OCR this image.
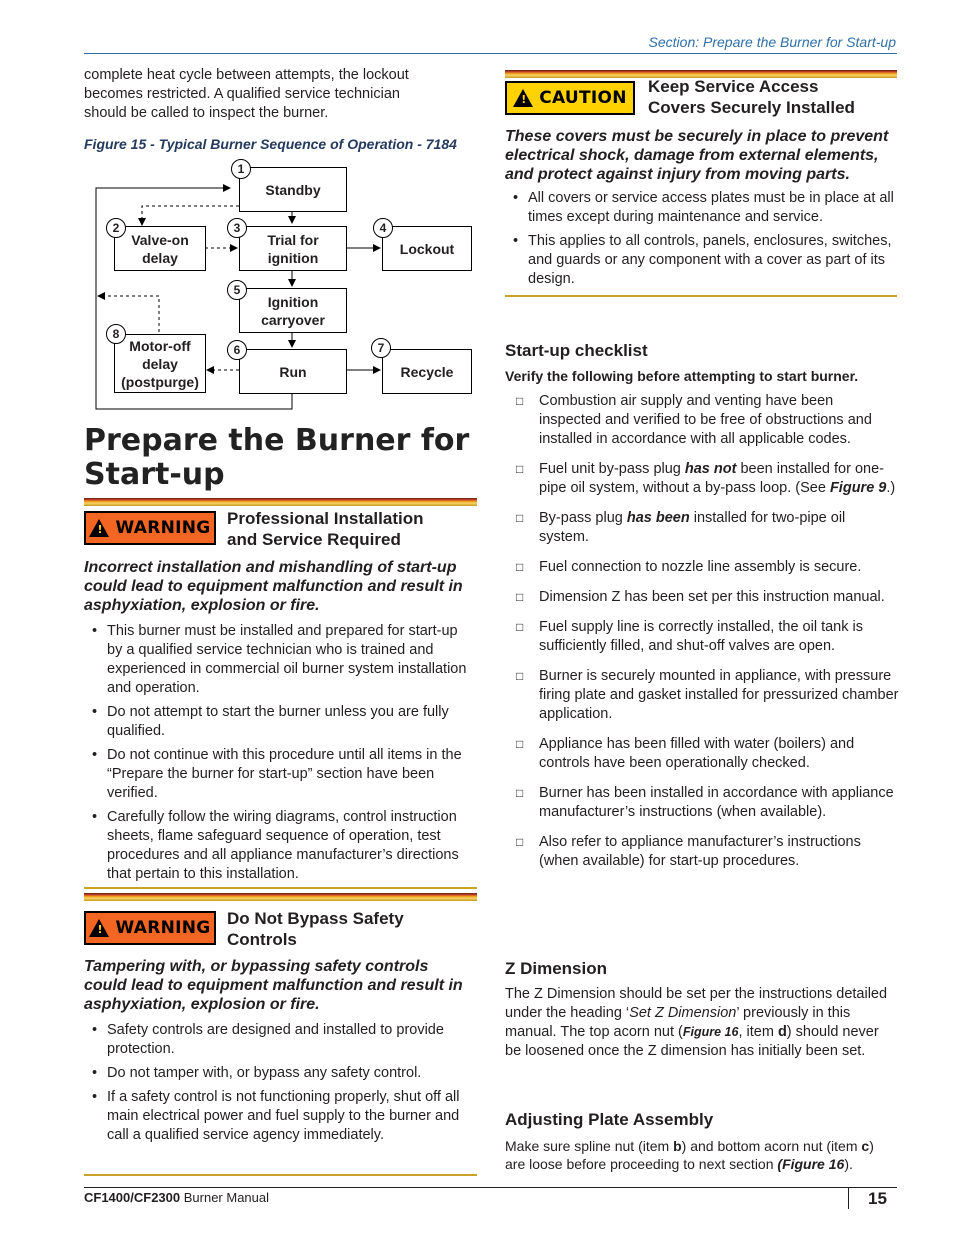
Section: Prepare the Burner for Start-up
complete heat cycle between attempts, the lockout becomes restricted. A qualified service technician should be called to inspect the burner.
Figure 15 - Typical Burner Sequence of Operation - 7184
Standby
Valve-on
delay
Trial for
ignition
Lockout
Ignition
carryover
Motor-off
delay
(postpurge)
Run	Recycle
1
2	3	4
5
6	7
8
Prepare the Burner for
Start-up
! WARNING Professional Installation
and Service Required
Incorrect installation and mishandling of start-up could lead to equipment malfunction and result in asphyxiation, explosion or fire.
• This burner must be installed and prepared for start-up by a qualified service technician who is trained and experienced in commercial oil burner system installation and operation.
• Do not attempt to start the burner unless you are fully qualified.
• Do not continue with this procedure until all items in the “Prepare the burner for start-up” section have been verified.
• Carefully follow the wiring diagrams, control instruction sheets, flame safeguard sequence of operation, test procedures and all appliance manufacturer’s directions that pertain to this installation.
! WARNING Do Not Bypass Safety
Controls
Tampering with, or bypassing safety controls could lead to equipment malfunction and result in asphyxiation, explosion or fire.
• Safety controls are designed and installed to provide protection.
• Do not tamper with, or bypass any safety control.
• If a safety control is not functioning properly, shut off all main electrical power and fuel supply to the burner and call a qualified service agency immediately.
! CAUTION
Keep Service Access
Covers Securely Installed
These covers must be securely in place to prevent electrical shock, damage from external elements, and protect against injury from moving parts.
• All covers or service access plates must be in place at all times except during maintenance and service.
• This applies to all controls, panels, enclosures, switches, and guards or any component with a cover as part of its design.
Start-up checklist
Verify the following before attempting to start burner.
□ Combustion air supply and venting have been inspected and verified to be free of obstructions and installed in accordance with all applicable codes.
□ Fuel unit by-pass plug has not been installed for one-pipe oil system, without a by-pass loop. (See Figure 9.)
□ By-pass plug has been installed for two-pipe oil system.
□ Fuel connection to nozzle line assembly is secure.
□ Dimension Z has been set per this instruction manual.
□ Fuel supply line is correctly installed, the oil tank is sufficiently filled, and shut-off valves are open.
□ Burner is securely mounted in appliance, with pressure firing plate and gasket installed for pressurized chamber application.
□ Appliance has been filled with water (boilers) and controls have been operationally checked.
□ Burner has been installed in accordance with appliance manufacturer’s instructions (when available).
□ Also refer to appliance manufacturer’s instructions (when available) for start-up procedures.
Z Dimension
The Z Dimension should be set per the instructions detailed under the heading ‘Set Z Dimension’ previously in this manual. The top acorn nut (Figure 16, item d) should never be loosened once the Z dimension has initially been set.
Adjusting Plate Assembly
Make sure spline nut (item b) and bottom acorn nut (item c) are loose before proceeding to next section (Figure 16).
CF1400/CF2300 Burner Manual	15
